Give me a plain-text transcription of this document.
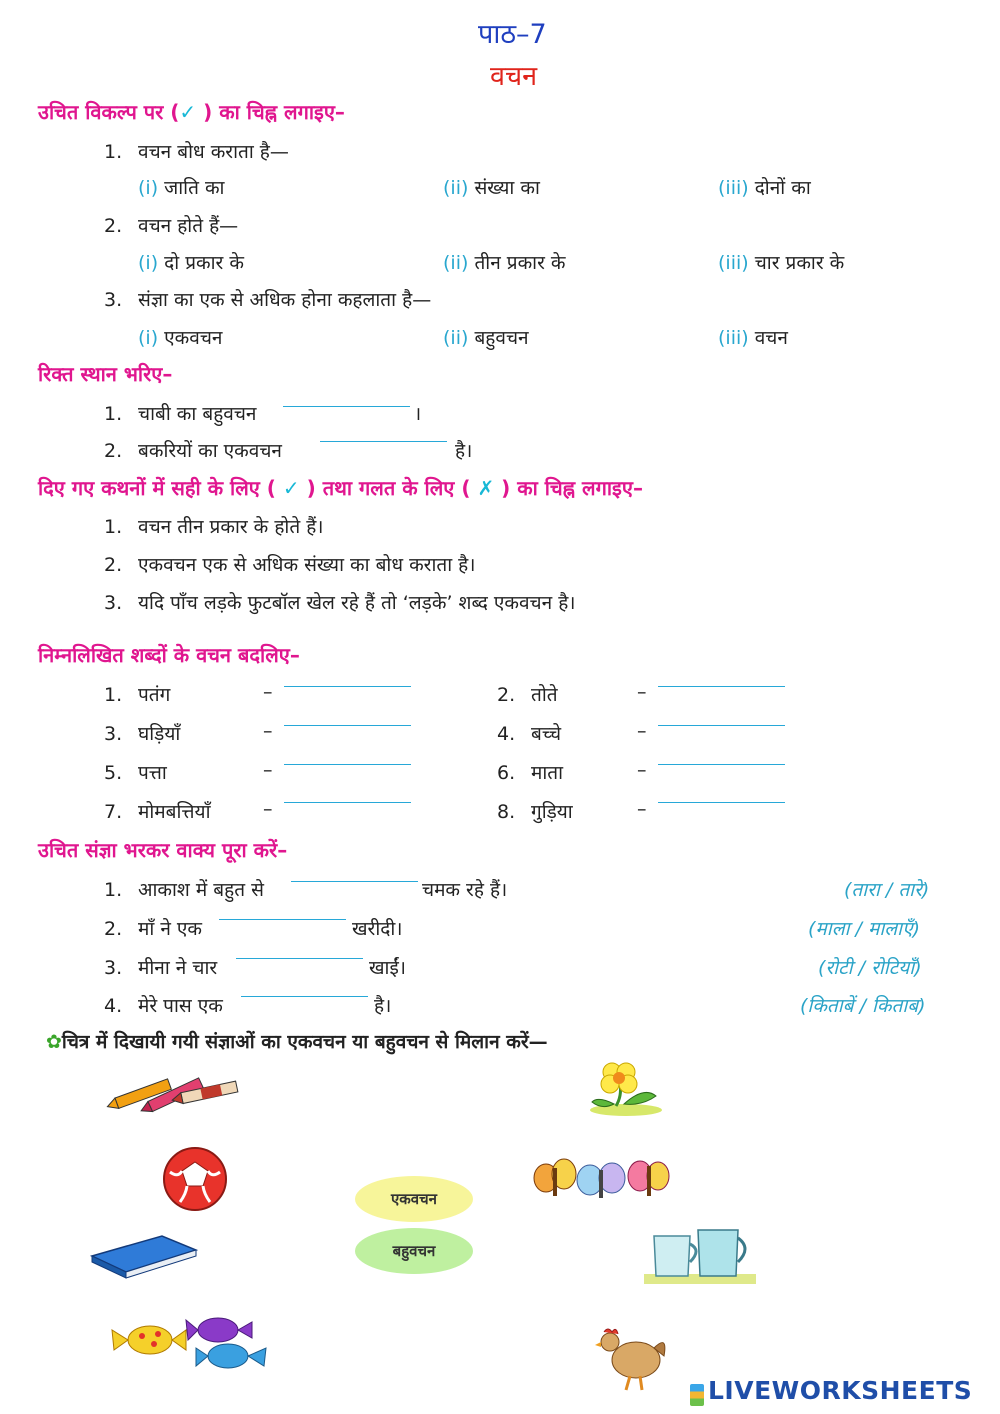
पाठ–7
वचन
उचित विकल्प पर (✓ ) का चिह्न लगाइए–
1. वचन बोध कराता है—
(i) जाति का	(ii) संख्या का	(iii) दोनों का
2. वचन होते हैं—
(i) दो प्रकार के	(ii) तीन प्रकार के	(iii) चार प्रकार के
3. संज्ञा का एक से अधिक होना कहलाता है—
(i) एकवचन	(ii) बहुवचन	(iii) वचन
रिक्त स्थान भरिए–
1. चाबी का बहुवचन	।
2. बकरियों का एकवचन	है।
दिए गए कथनों में सही के लिए ( ✓ ) तथा गलत के लिए ( ✗ ) का चिह्न लगाइए–
1. वचन तीन प्रकार के होते हैं।
2. एकवचन एक से अधिक संख्या का बोध कराता है।
3. यदि पाँच लड़के फुटबॉल खेल रहे हैं तो ‘लड़के’ शब्द एकवचन है।
निम्नलिखित शब्दों के वचन बदलिए–
1. पतंग	–	2. तोते	–
3. घड़ियाँ	–	4. बच्चे	–
5. पत्ता	–	6. माता	–
7. मोमबत्तियाँ	–	8. गुड़िया	–
उचित संज्ञा भरकर वाक्य पूरा करें–
1. आकाश में बहुत से	चमक रहे हैं।	(तारा / तारे)
2. माँ ने एक	खरीदी।	(माला / मालाएँ)
3. मीना ने चार	खाईं।	(रोटी / रोटियाँ)
4. मेरे पास एक	है।	(किताबें / किताब)
✿चित्र में दिखायी गयी संज्ञाओं का एकवचन या बहुवचन से मिलान करें—
एकवचन
बहुवचन
LIVEWORKSHEETS
